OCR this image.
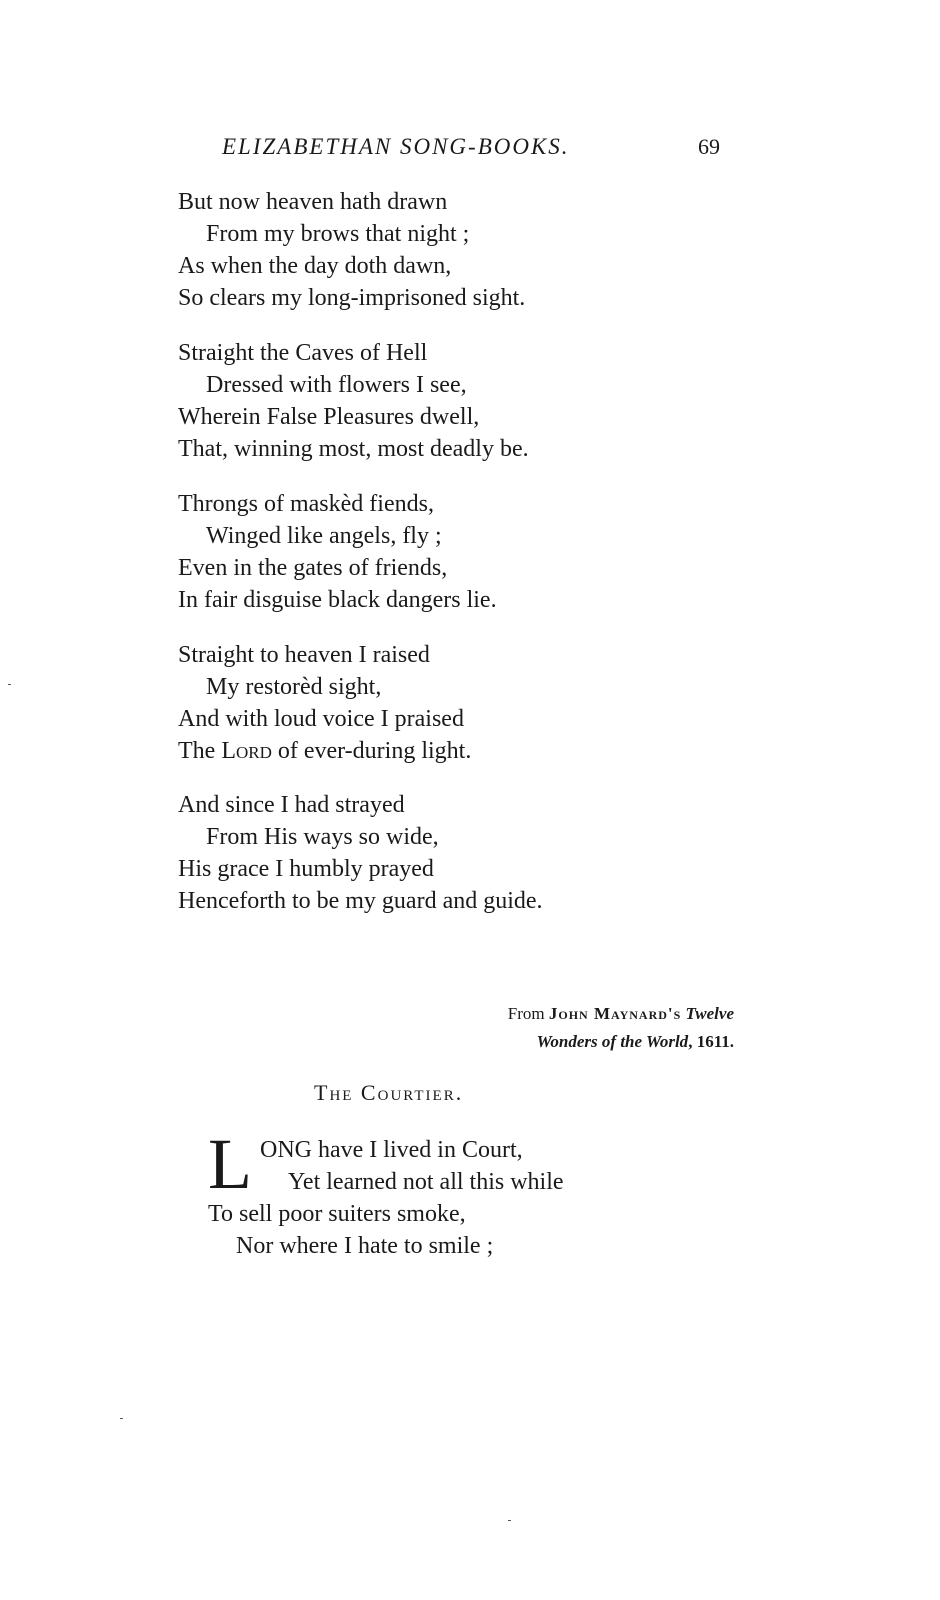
ELIZABETHAN SONG-BOOKS.	69
But now heaven hath drawn
From my brows that night ;
As when the day doth dawn,
So clears my long-imprisoned sight.
Straight the Caves of Hell
Dressed with flowers I see,
Wherein False Pleasures dwell,
That, winning most, most deadly be.
Throngs of maskèd fiends,
Winged like angels, fly ;
Even in the gates of friends,
In fair disguise black dangers lie.
Straight to heaven I raised
My restorèd sight,
And with loud voice I praised
The Lord of ever-during light.
And since I had strayed
From His ways so wide,
His grace I humbly prayed
Henceforth to be my guard and guide.
From John Maynard's Twelve
Wonders of the World, 1611.
The Courtier.
L ONG have I lived in Court,
Yet learned not all this while
To sell poor suiters smoke,
Nor where I hate to smile ;
